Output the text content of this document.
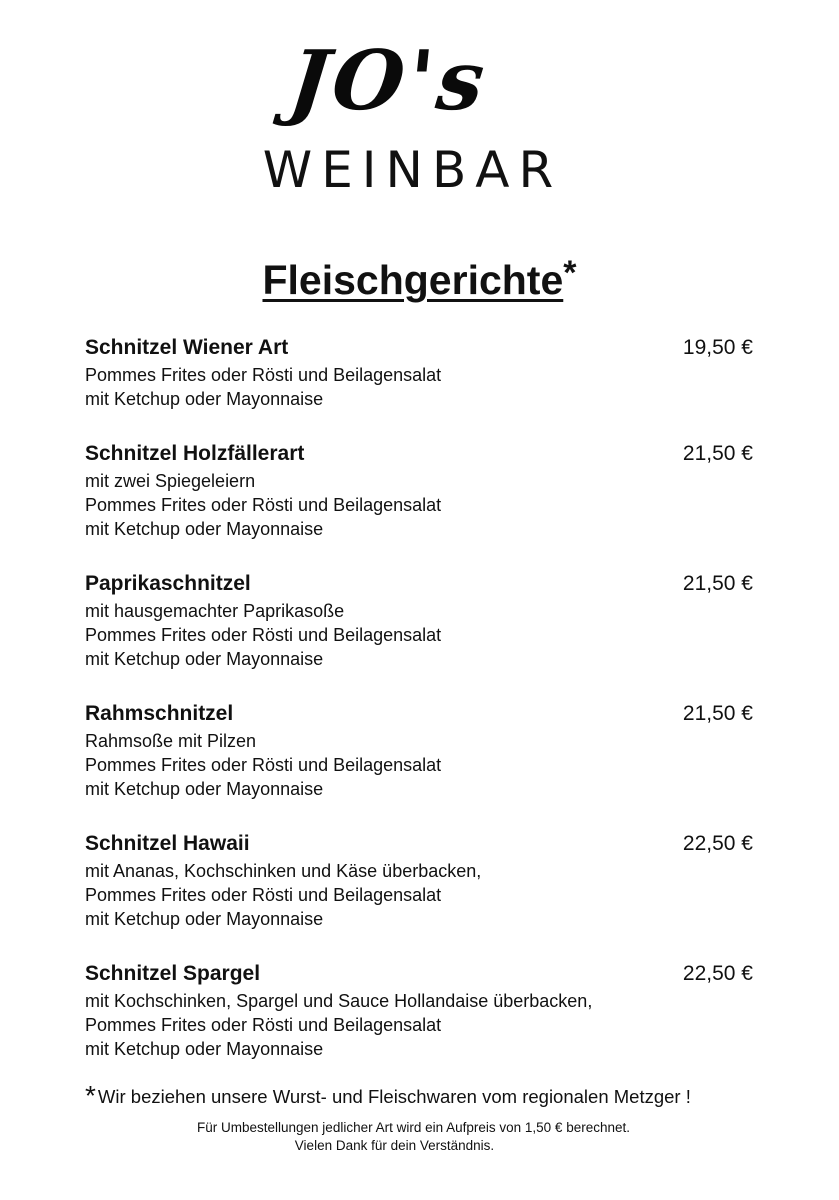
JO's
WEINBAR
Fleischgerichte*
Schnitzel Wiener Art	19,50 €
Pommes Frites oder Rösti und Beilagensalat
mit Ketchup oder Mayonnaise
Schnitzel Holzfällerart	21,50 €
mit zwei Spiegeleiern
Pommes Frites oder Rösti und Beilagensalat
mit Ketchup oder Mayonnaise
Paprikaschnitzel	21,50 €
mit hausgemachter Paprikasoße
Pommes Frites oder Rösti und Beilagensalat
mit Ketchup oder Mayonnaise
Rahmschnitzel	21,50 €
Rahmsoße mit Pilzen
Pommes Frites oder Rösti und Beilagensalat
mit Ketchup oder Mayonnaise
Schnitzel Hawaii	22,50 €
mit Ananas, Kochschinken und Käse überbacken,
Pommes Frites oder Rösti und Beilagensalat
mit Ketchup oder Mayonnaise
Schnitzel Spargel	22,50 €
mit Kochschinken, Spargel und Sauce Hollandaise überbacken,
Pommes Frites oder Rösti und Beilagensalat
mit Ketchup oder Mayonnaise
* Wir beziehen unsere Wurst- und Fleischwaren vom regionalen Metzger !
Für Umbestellungen jedlicher Art wird ein Aufpreis von 1,50 € berechnet.
Vielen Dank für dein Verständnis.
